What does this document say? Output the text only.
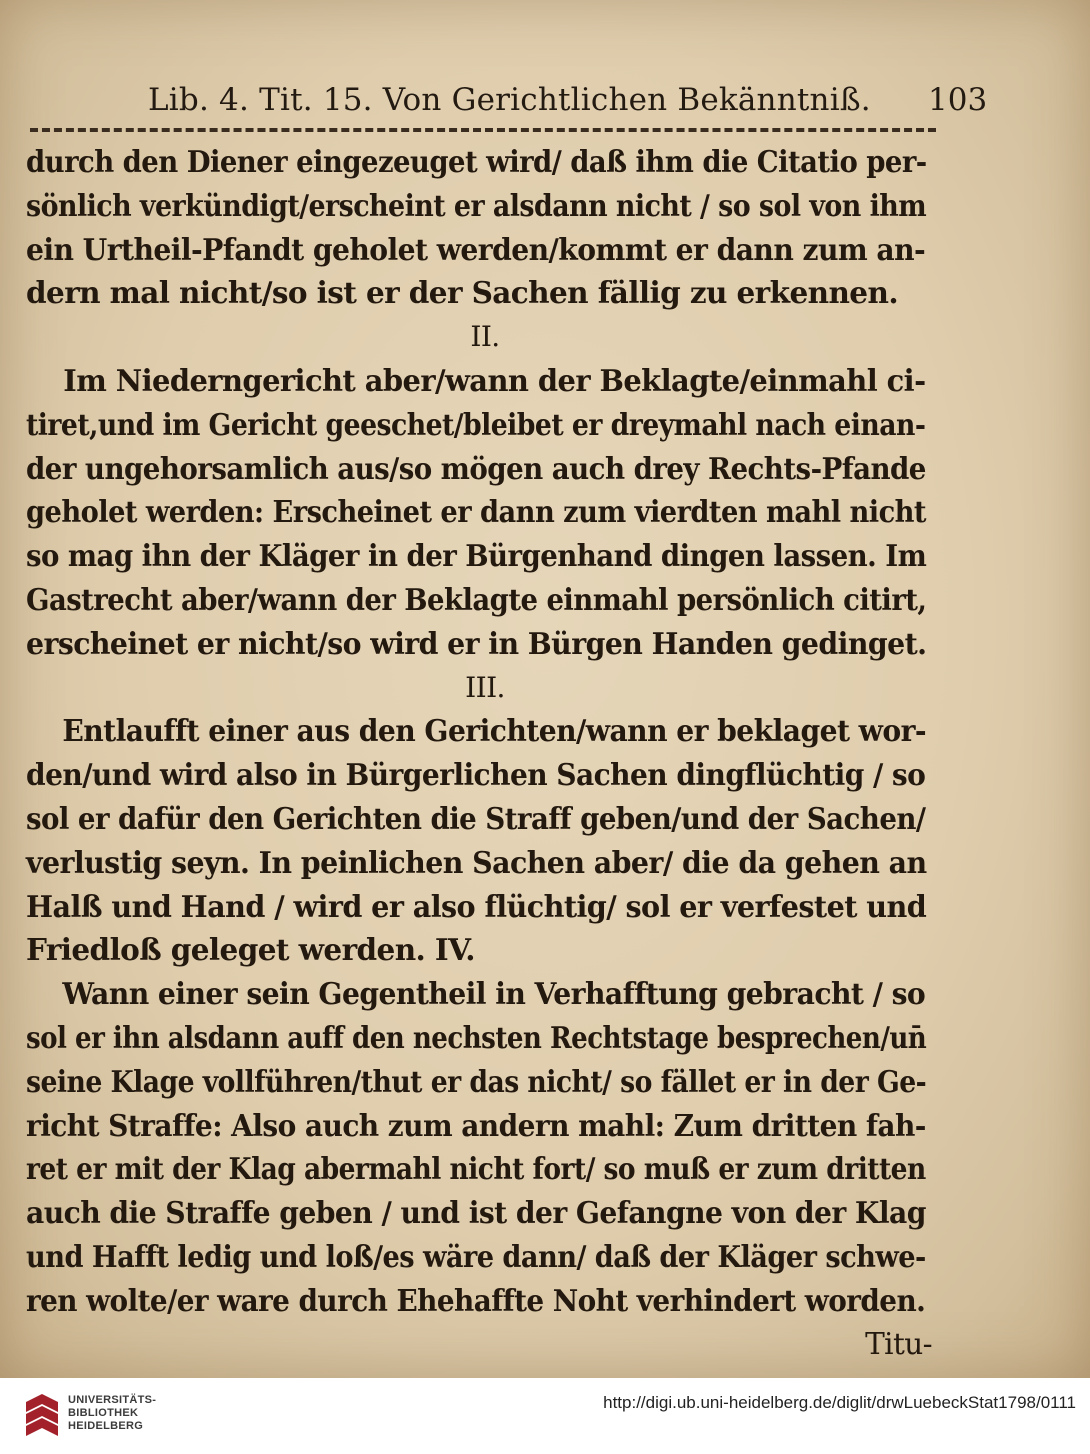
Lib. 4. Tit. 15. Von Gerichtlichen Bekänntniß. 103
durch den Diener eingezeuget wird/ daß ihm die Citatio per-
sönlich verkündigt/erscheint er alsdann nicht / so sol von ihm
ein Urtheil-Pfandt geholet werden/kommt er dann zum an-
dern mal nicht/so ist er der Sachen fällig zu erkennen.
II.
Im Niederngericht aber/wann der Beklagte/einmahl ci-
tiret,und im Gericht geeschet/bleibet er dreymahl nach einan-
der ungehorsamlich aus/so mögen auch drey Rechts-Pfande
geholet werden: Erscheinet er dann zum vierdten mahl nicht
so mag ihn der Kläger in der Bürgenhand dingen lassen. Im
Gastrecht aber/wann der Beklagte einmahl persönlich citirt,
erscheinet er nicht/so wird er in Bürgen Handen gedinget.
III.
Entlaufft einer aus den Gerichten/wann er beklaget wor-
den/und wird also in Bürgerlichen Sachen dingflüchtig / so
sol er dafür den Gerichten die Straff geben/und der Sachen/
verlustig seyn. In peinlichen Sachen aber/ die da gehen an
Halß und Hand / wird er also flüchtig/ sol er verfestet und
Friedloß geleget werden. IV.
Wann einer sein Gegentheil in Verhafftung gebracht / so
sol er ihn alsdann auff den nechsten Rechtstage besprechen/un̄
seine Klage vollführen/thut er das nicht/ so fället er in der Ge-
richt Straffe: Also auch zum andern mahl: Zum dritten fah-
ret er mit der Klag abermahl nicht fort/ so muß er zum dritten
auch die Straffe geben / und ist der Gefangne von der Klag
und Hafft ledig und loß/es wäre dann/ daß der Kläger schwe-
ren wolte/er ware durch Ehehaffte Noht verhindert worden.
Titu-
UNIVERSITÄTS-
BIBLIOTHEK
HEIDELBERG
http://digi.ub.uni-heidelberg.de/diglit/drwLuebeckStat1798/0111
